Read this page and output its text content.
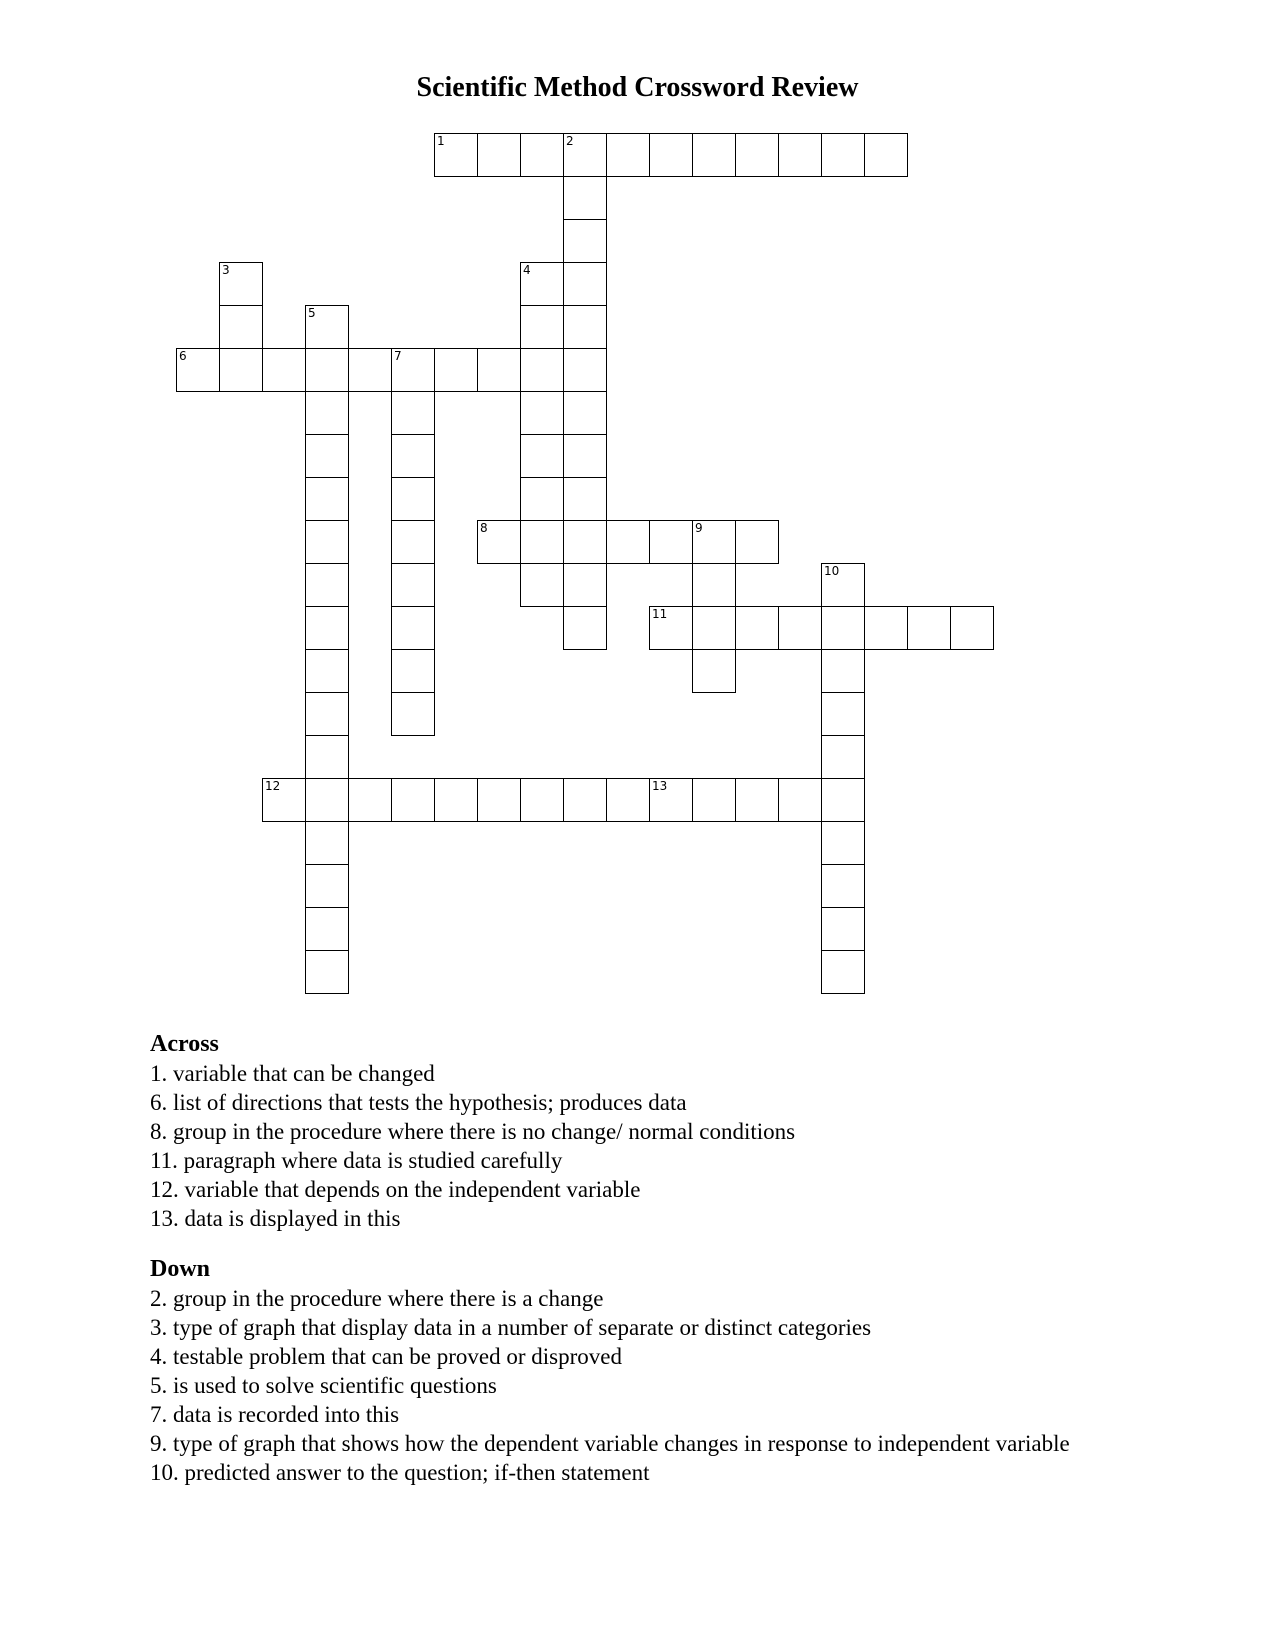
Scientific Method Crossword Review
1	2
3	4
5
6	7
8	9
10
11
12	13
Across
1. variable that can be changed
6. list of directions that tests the hypothesis; produces data
8. group in the procedure where there is no change/ normal conditions
11. paragraph where data is studied carefully
12. variable that depends on the independent variable
13. data is displayed in this
Down
2. group in the procedure where there is a change
3. type of graph that display data in a number of separate or distinct categories
4. testable problem that can be proved or disproved
5. is used to solve scientific questions
7. data is recorded into this
9. type of graph that shows how the dependent variable changes in response to independent variable
10. predicted answer to the question; if-then statement
